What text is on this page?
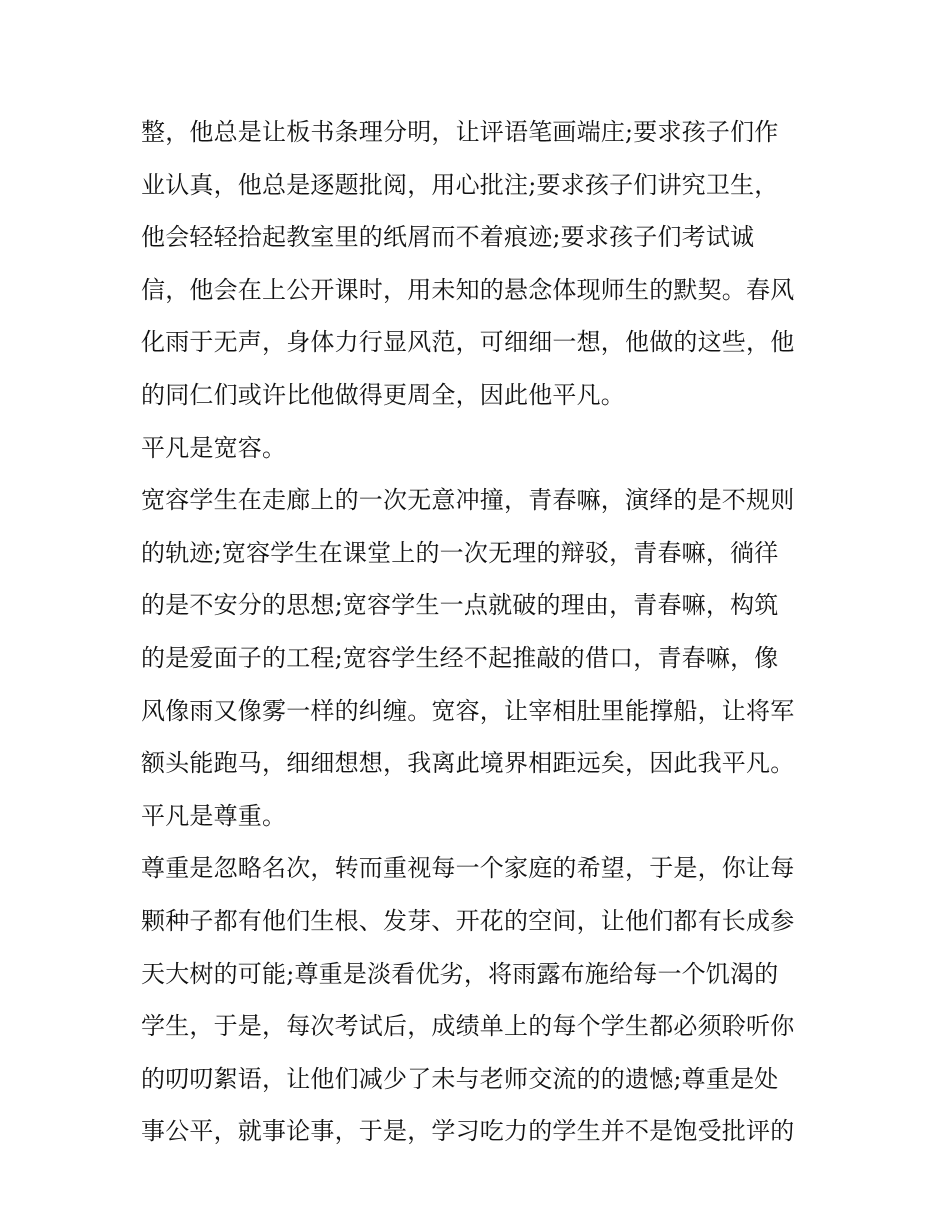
整，他总是让板书条理分明，让评语笔画端庄;要求孩子们作
业认真，他总是逐题批阅，用心批注;要求孩子们讲究卫生，
他会轻轻拾起教室里的纸屑而不着痕迹;要求孩子们考试诚
信，他会在上公开课时，用未知的悬念体现师生的默契。春风
化雨于无声，身体力行显风范，可细细一想，他做的这些，他
的同仁们或许比他做得更周全，因此他平凡。
平凡是宽容。
宽容学生在走廊上的一次无意冲撞，青春嘛，演绎的是不规则
的轨迹;宽容学生在课堂上的一次无理的辩驳，青春嘛，徜徉
的是不安分的思想;宽容学生一点就破的理由，青春嘛，构筑
的是爱面子的工程;宽容学生经不起推敲的借口，青春嘛，像
风像雨又像雾一样的纠缠。宽容，让宰相肚里能撑船，让将军
额头能跑马，细细想想，我离此境界相距远矣，因此我平凡。
平凡是尊重。
尊重是忽略名次，转而重视每一个家庭的希望，于是，你让每
颗种子都有他们生根、发芽、开花的空间，让他们都有长成参
天大树的可能;尊重是淡看优劣，将雨露布施给每一个饥渴的
学生，于是，每次考试后，成绩单上的每个学生都必须聆听你
的叨叨絮语，让他们减少了未与老师交流的的遗憾;尊重是处
事公平，就事论事，于是，学习吃力的学生并不是饱受批评的
